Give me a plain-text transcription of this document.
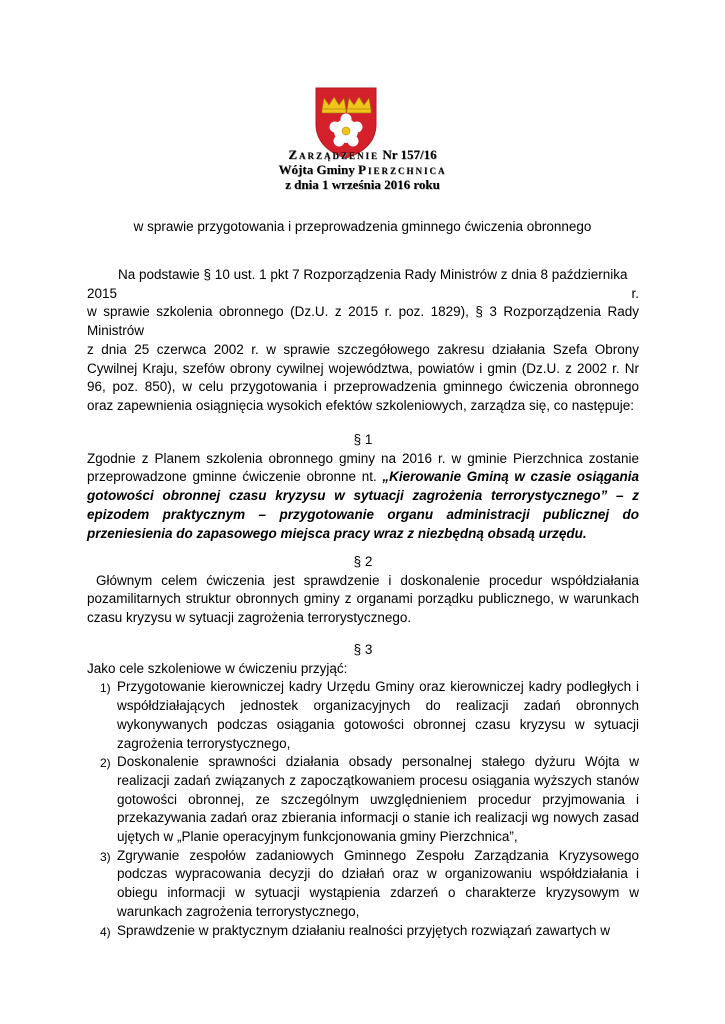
Zarządzenie Nr 157/16
Wójta Gminy Pierzchnica
z dnia 1 września 2016 roku
w sprawie przygotowania i przeprowadzenia gminnego ćwiczenia obronnego
Na podstawie § 10 ust. 1 pkt 7 Rozporządzenia Rady Ministrów z dnia 8 października
2015	r.
w sprawie szkolenia obronnego (Dz.U. z 2015 r. poz. 1829), § 3 Rozporządzenia Rady
Ministrów
z dnia 25 czerwca 2002 r. w sprawie szczegółowego zakresu działania Szefa Obrony Cywilnej Kraju, szefów obrony cywilnej województwa, powiatów i gmin (Dz.U. z 2002 r. Nr 96, poz. 850), w celu przygotowania i przeprowadzenia gminnego ćwiczenia obronnego oraz zapewnienia osiągnięcia wysokich efektów szkoleniowych, zarządza się, co następuje:
§ 1
Zgodnie z Planem szkolenia obronnego gminy na 2016 r. w gminie Pierzchnica zostanie przeprowadzone gminne ćwiczenie obronne nt. „Kierowanie Gminą w czasie osiągania gotowości obronnej czasu kryzysu w sytuacji zagrożenia terrorystycznego” – z epizodem praktycznym – przygotowanie organu administracji publicznej do przeniesienia do zapasowego miejsca pracy wraz z niezbędną obsadą urzędu.
§ 2
Głównym celem ćwiczenia jest sprawdzenie i doskonalenie procedur współdziałania pozamilitarnych struktur obronnych gminy z organami porządku publicznego, w warunkach czasu kryzysu w sytuacji zagrożenia terrorystycznego.
§ 3
Jako cele szkoleniowe w ćwiczeniu przyjąć:
1) Przygotowanie kierowniczej kadry Urzędu Gminy oraz kierowniczej kadry podległych i współdziałających jednostek organizacyjnych do realizacji zadań obronnych wykonywanych podczas osiągania gotowości obronnej czasu kryzysu w sytuacji zagrożenia terrorystycznego,
2) Doskonalenie sprawności działania obsady personalnej stałego dyżuru Wójta w realizacji zadań związanych z zapoczątkowaniem procesu osiągania wyższych stanów gotowości obronnej, ze szczególnym uwzględnieniem procedur przyjmowania i przekazywania zadań oraz zbierania informacji o stanie ich realizacji wg nowych zasad ujętych w „Planie operacyjnym funkcjonowania gminy Pierzchnica”,
3) Zgrywanie zespołów zadaniowych Gminnego Zespołu Zarządzania Kryzysowego podczas wypracowania decyzji do działań oraz w organizowaniu współdziałania i obiegu informacji w sytuacji wystąpienia zdarzeń o charakterze kryzysowym w warunkach zagrożenia terrorystycznego,
4) Sprawdzenie w praktycznym działaniu realności przyjętych rozwiązań zawartych w
